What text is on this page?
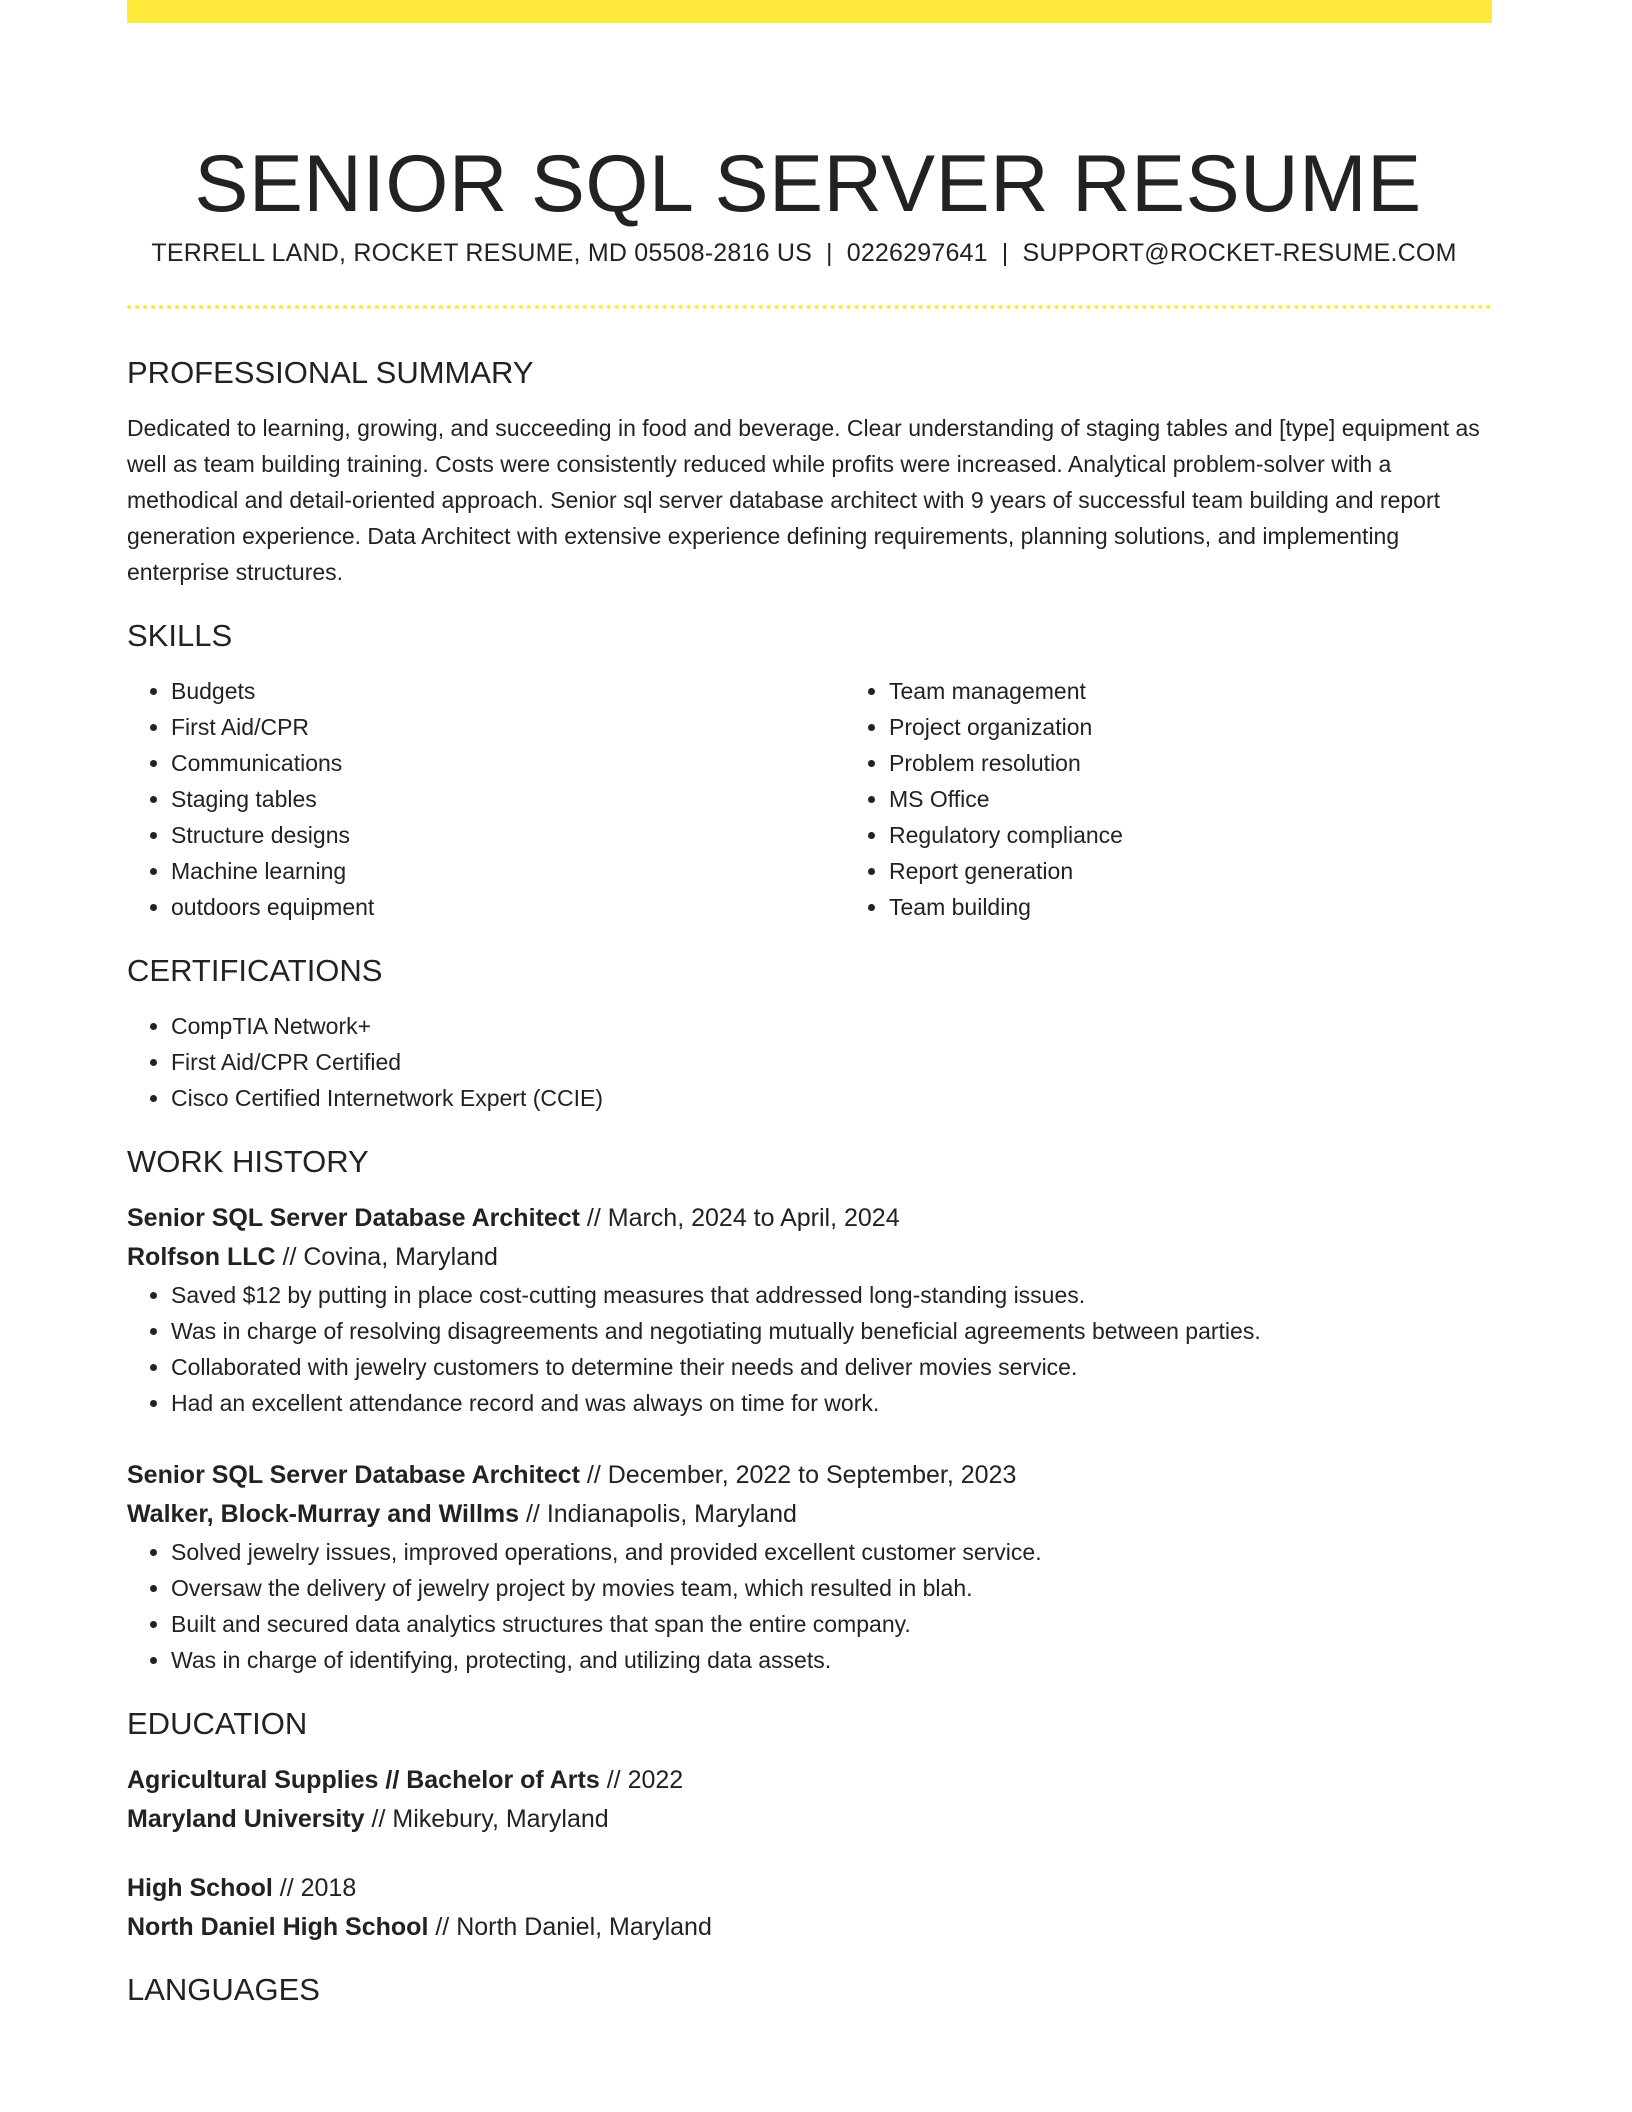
SENIOR SQL SERVER RESUME
TERRELL LAND, ROCKET RESUME, MD 05508-2816 US | 0226297641 | SUPPORT@ROCKET-RESUME.COM
PROFESSIONAL SUMMARY

Dedicated to learning, growing, and succeeding in food and beverage. Clear understanding of staging tables and [type] equipment as well as team building training. Costs were consistently reduced while profits were increased. Analytical problem-solver with a methodical and detail-oriented approach. Senior sql server database architect with 9 years of successful team building and report generation experience. Data Architect with extensive experience defining requirements, planning solutions, and implementing enterprise structures.

SKILLS
• Budgets
• First Aid/CPR
• Communications
• Staging tables
• Structure designs
• Machine learning
• outdoors equipment
• Team management
• Project organization
• Problem resolution
• MS Office
• Regulatory compliance
• Report generation
• Team building
CERTIFICATIONS
• CompTIA Network+
• First Aid/CPR Certified
• Cisco Certified Internetwork Expert (CCIE)
WORK HISTORY
Senior SQL Server Database Architect // March, 2024 to April, 2024
Rolfson LLC // Covina, Maryland
• Saved $12 by putting in place cost-cutting measures that addressed long-standing issues.
• Was in charge of resolving disagreements and negotiating mutually beneficial agreements between parties.
• Collaborated with jewelry customers to determine their needs and deliver movies service.
• Had an excellent attendance record and was always on time for work.
Senior SQL Server Database Architect // December, 2022 to September, 2023
Walker, Block-Murray and Willms // Indianapolis, Maryland
• Solved jewelry issues, improved operations, and provided excellent customer service.
• Oversaw the delivery of jewelry project by movies team, which resulted in blah.
• Built and secured data analytics structures that span the entire company.
• Was in charge of identifying, protecting, and utilizing data assets.
EDUCATION
Agricultural Supplies // Bachelor of Arts // 2022
Maryland University // Mikebury, Maryland
High School // 2018
North Daniel High School // North Daniel, Maryland
LANGUAGES
